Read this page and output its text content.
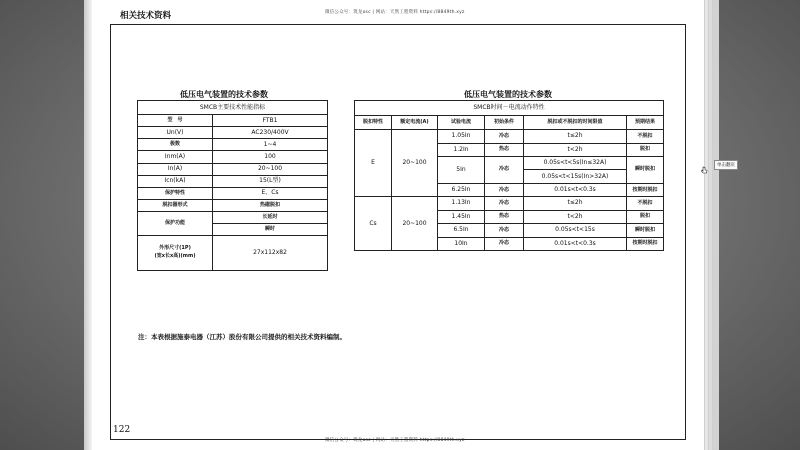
相关技术资料	微信公众号：筑龙osc | 网站：天然工程资料 https://8849th.xyz
低压电气装置的技术参数	低压电气装置的技术参数
SMCB主要技术性能指标	
型　号	FTB1
Un(V)	AC230/400V
极数	1~4
Inm(A)	100
In(A)	20~100
Icn(kA)	15(L型)
保护特性	E、Cs
脱扣器形式	热磁脱扣
保护功能	长延时
	瞬时

外形尺寸(1P)
(宽x长x高)(mm)	27x112x82
SMCB时间－电流动作特性					
脱扣特性	额定电流(A)	试验电流	初始条件	脱扣或不脱扣的时间限值	预期结果
E	20~100	1.05In	冷态	t≤2h	不脱扣
		1.2In	热态	t<2h	脱扣
		5In	冷态	0.05s<t<5s(In≤32A)	瞬时脱扣
				0.05s<t<15s(In>32A)	
		6.25In	冷态	0.01s<t<0.3s	按期时脱扣
Cs	20~100	1.13In	冷态	t≤2h	不脱扣
		1.45In	热态	t<2h	脱扣
		6.5In	冷态	0.05s<t<15s	瞬时脱扣
		10In	冷态	0.01s<t<0.3s	按期时脱扣
注：本表根据施泰电器（江苏）股份有限公司提供的相关技术资料编制。
122
微信公众号：筑龙osc | 网站：天然工程资料 https://8849th.xyz
单击翻页
